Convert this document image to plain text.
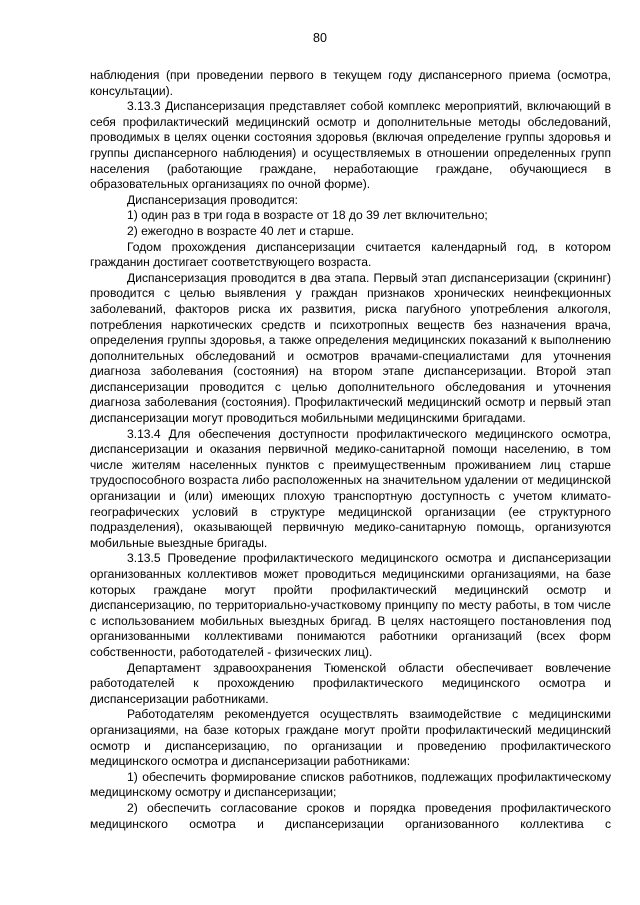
80

наблюдения (при проведении первого в текущем году диспансерного приема (осмотра, консультации).

3.13.3 Диспансеризация представляет собой комплекс мероприятий, включающий в себя профилактический медицинский осмотр и дополнительные методы обследований, проводимых в целях оценки состояния здоровья (включая определение группы здоровья и группы диспансерного наблюдения) и осуществляемых в отношении определенных групп населения (работающие граждане, неработающие граждане, обучающиеся в образовательных организациях по очной форме).

Диспансеризация проводится:

1) один раз в три года в возрасте от 18 до 39 лет включительно;

2) ежегодно в возрасте 40 лет и старше.

Годом прохождения диспансеризации считается календарный год, в котором гражданин достигает соответствующего возраста.

Диспансеризация проводится в два этапа. Первый этап диспансеризации (скрининг) проводится с целью выявления у граждан признаков хронических неинфекционных заболеваний, факторов риска их развития, риска пагубного употребления алкоголя, потребления наркотических средств и психотропных веществ без назначения врача, определения группы здоровья, а также определения медицинских показаний к выполнению дополнительных обследований и осмотров врачами-специалистами для уточнения диагноза заболевания (состояния) на втором этапе диспансеризации. Второй этап диспансеризации проводится с целью дополнительного обследования и уточнения диагноза заболевания (состояния). Профилактический медицинский осмотр и первый этап диспансеризации могут проводиться мобильными медицинскими бригадами.

3.13.4 Для обеспечения доступности профилактического медицинского осмотра, диспансеризации и оказания первичной медико-санитарной помощи населению, в том числе жителям населенных пунктов с преимущественным проживанием лиц старше трудоспособного возраста либо расположенных на значительном удалении от медицинской организации и (или) имеющих плохую транспортную доступность с учетом климато-географических условий в структуре медицинской организации (ее структурного подразделения), оказывающей первичную медико-санитарную помощь, организуются мобильные выездные бригады.

3.13.5 Проведение профилактического медицинского осмотра и диспансеризации организованных коллективов может проводиться медицинскими организациями, на базе которых граждане могут пройти профилактический медицинский осмотр и диспансеризацию, по территориально-участковому принципу по месту работы, в том числе с использованием мобильных выездных бригад. В целях настоящего постановления под организованными коллективами понимаются работники организаций (всех форм собственности, работодателей - физических лиц).

Департамент здравоохранения Тюменской области обеспечивает вовлечение работодателей к прохождению профилактического медицинского осмотра и диспансеризации работниками.

Работодателям рекомендуется осуществлять взаимодействие с медицинскими организациями, на базе которых граждане могут пройти профилактический медицинский осмотр и диспансеризацию, по организации и проведению профилактического медицинского осмотра и диспансеризации работниками:

1) обеспечить формирование списков работников, подлежащих профилактическому медицинскому осмотру и диспансеризации;

2) обеспечить согласование сроков и порядка проведения профилактического медицинского осмотра и диспансеризации организованного коллектива с
